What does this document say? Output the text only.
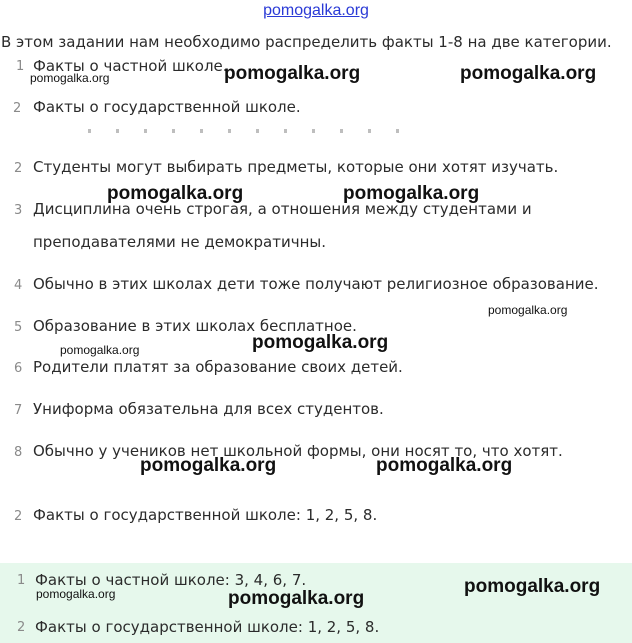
pomogalka.org
В этом задании нам необходимо распределить факты 1-8 на две категории.
1 Факты о частной школе.
2 Факты о государственной школе.
2 Студенты могут выбирать предметы, которые они хотят изучать.
3 Дисциплина очень строгая, а отношения между студентами и
преподавателями не демократичны.
4 Обычно в этих школах дети тоже получают религиозное образование.
5 Образование в этих школах бесплатное.
6 Родители платят за образование своих детей.
7 Униформа обязательна для всех студентов.
8 Обычно у учеников нет школьной формы, они носят то, что хотят.
2 Факты о государственной школе: 1, 2, 5, 8.
1 Факты о частной школе: 3, 4, 6, 7.
2 Факты о государственной школе: 1, 2, 5, 8.
pomogalka.org	pomogalka.org
pomogalka.org
pomogalka.org	pomogalka.org
pomogalka.org
pomogalka.org
pomogalka.org
pomogalka.org	pomogalka.org
pomogalka.org
pomogalka.org	pomogalka.org
